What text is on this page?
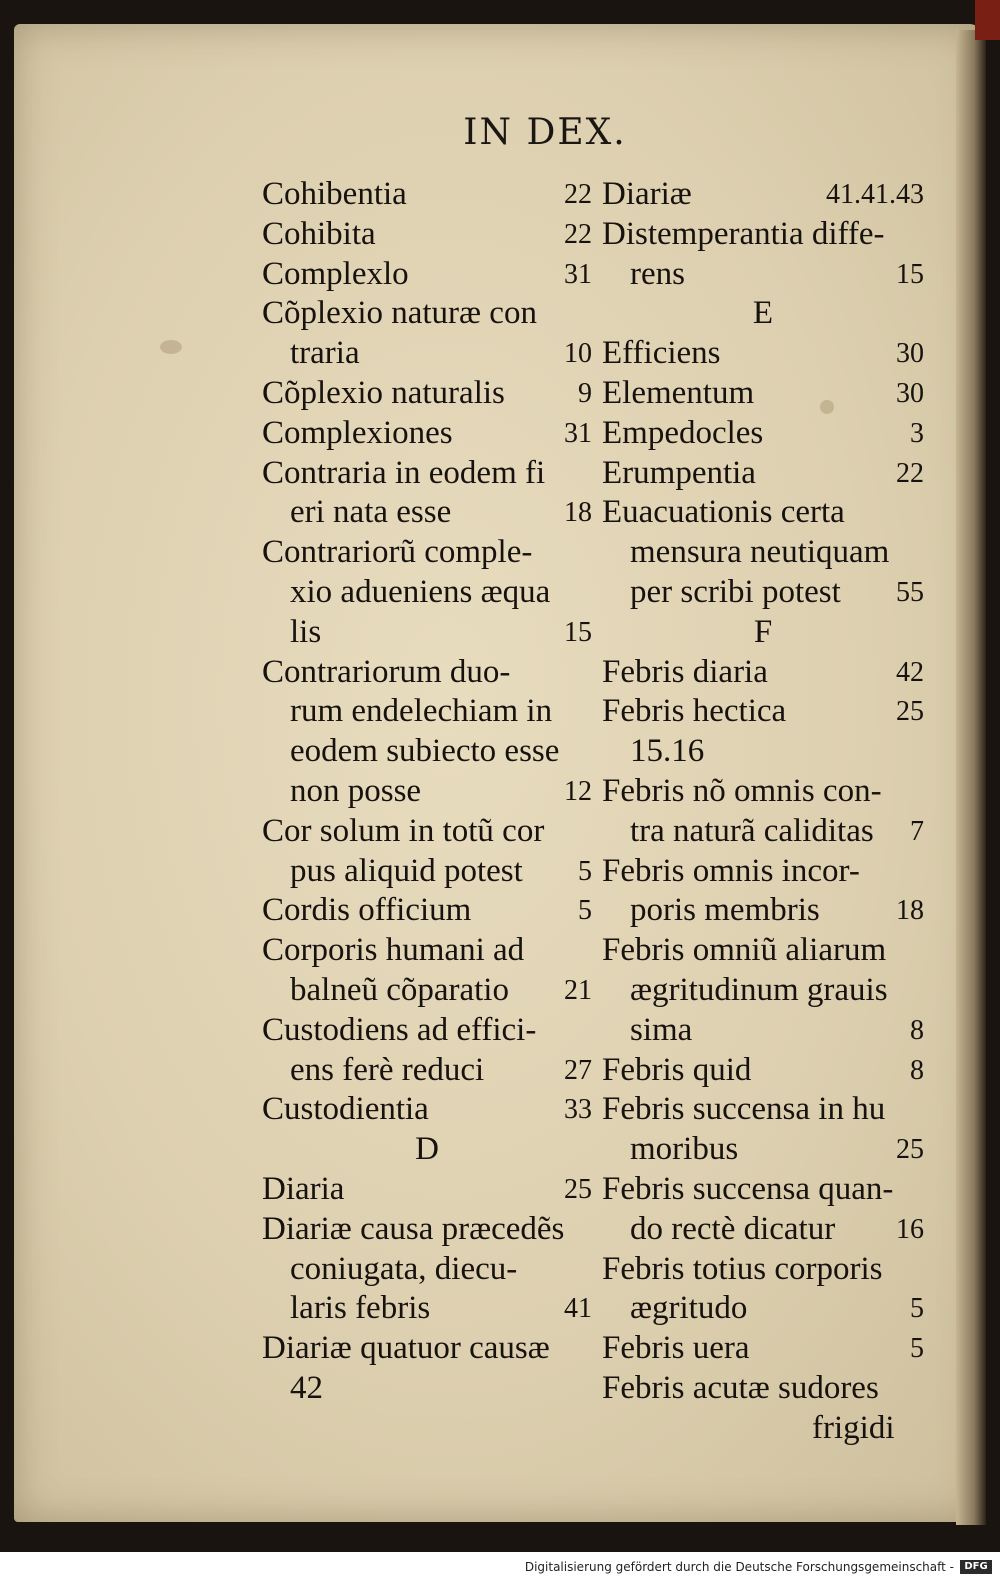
IN DEX.
Cohibentia	22
Cohibita	22
Complexlo	31
Cõplexio naturæ con
traria	10
Cõplexio naturalis	9
Complexiones	31
Contraria in eodem fi
eri nata esse	18
Contrariorũ comple-
xio adueniens æqua
lis	15
Contrariorum duo-
rum endelechiam in
eodem subiecto esse
non posse	12
Cor solum in totũ cor
pus aliquid potest 5
Cordis officium	5
Corporis humani ad
balneũ cõparatio 21
Custodiens ad effici-
ens ferè reduci	27
Custodientia	33
D
Diaria	25
Diariæ causa præcedẽs
coniugata, diecu-
laris febris	41
Diariæ quatuor causæ
42
Diariæ	41.41.43
Distemperantia diffe-
rens	15
E
Efficiens	30
Elementum	30
Empedocles	3
Erumpentia	22
Euacuationis certa
mensura neutiquam
per scribi potest 55
F
Febris diaria	42
Febris hectica	25
15.16
Febris nõ omnis con-
tra naturã caliditas 7
Febris omnis incor-
poris membris	18
Febris omniũ aliarum
ægritudinum grauis
sima	8
Febris quid	8
Febris succensa in hu
moribus	25
Febris succensa quan-
do rectè dicatur 16
Febris totius corporis
ægritudo	5
Febris uera	5
Febris acutæ sudores
frigidi
Digitalisierung gefördert durch die Deutsche Forschungsgemeinschaft -	DFG
